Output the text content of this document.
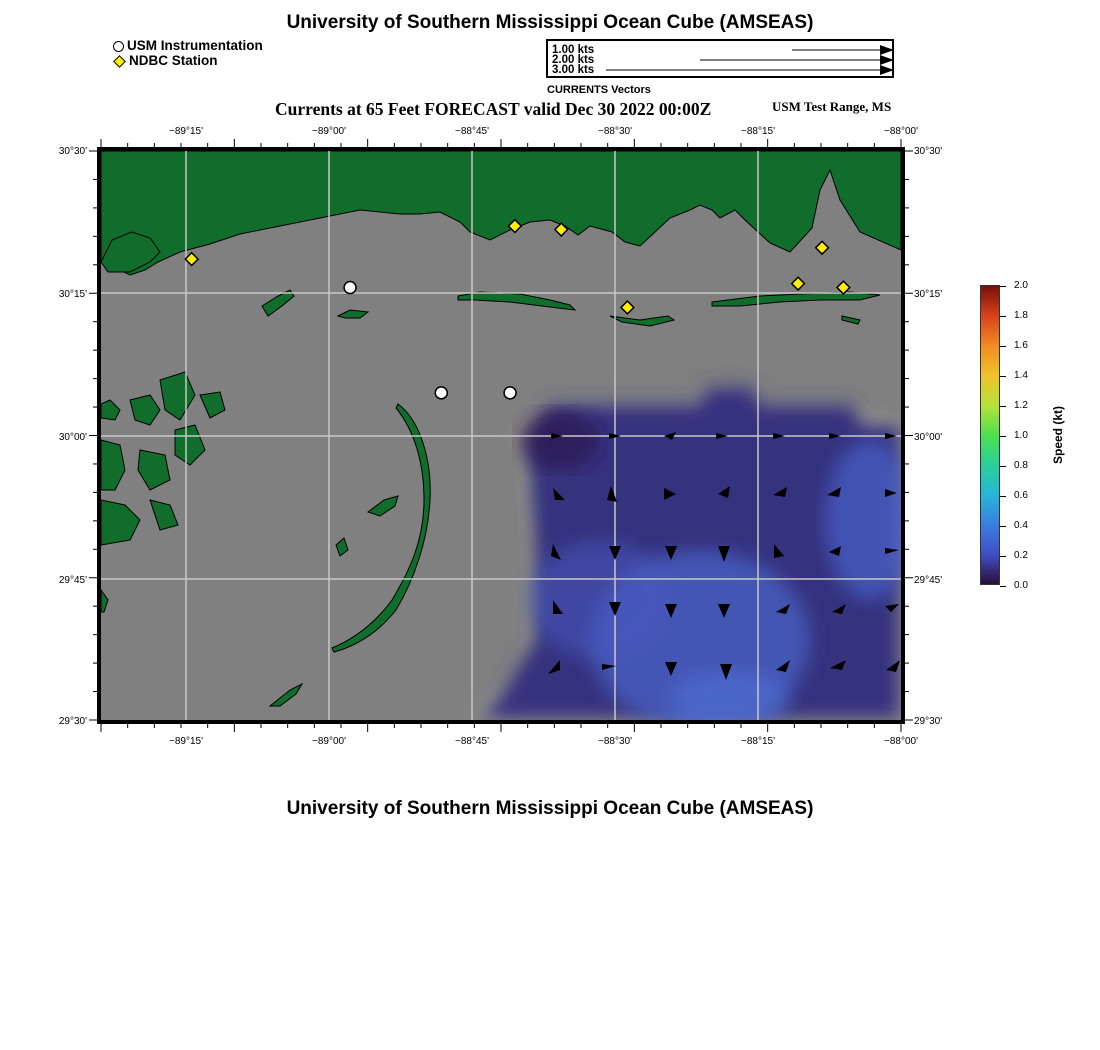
University of Southern Mississippi Ocean Cube (AMSEAS)
USM Instrumentation
NDBC Station
1.00 kts
2.00 kts
3.00 kts
CURRENTS Vectors
Currents at 65 Feet FORECAST valid Dec 30 2022 00:00Z	USM Test Range, MS
−89°15'	−89°00'	−88°45'	−88°30'	−88°15'	−88°00'
−89°15'	−89°00'	−88°45'	−88°30'	−88°15'	−88°00'
30°30'
30°15'
30°00'
29°45'
29°30'
30°30'
30°15'
30°00'
29°45'
29°30'
2.0
1.8
1.6
1.4
1.2
1.0
0.8
0.6
0.4
0.2
0.0
Speed (kt)
University of Southern Mississippi Ocean Cube (AMSEAS)
